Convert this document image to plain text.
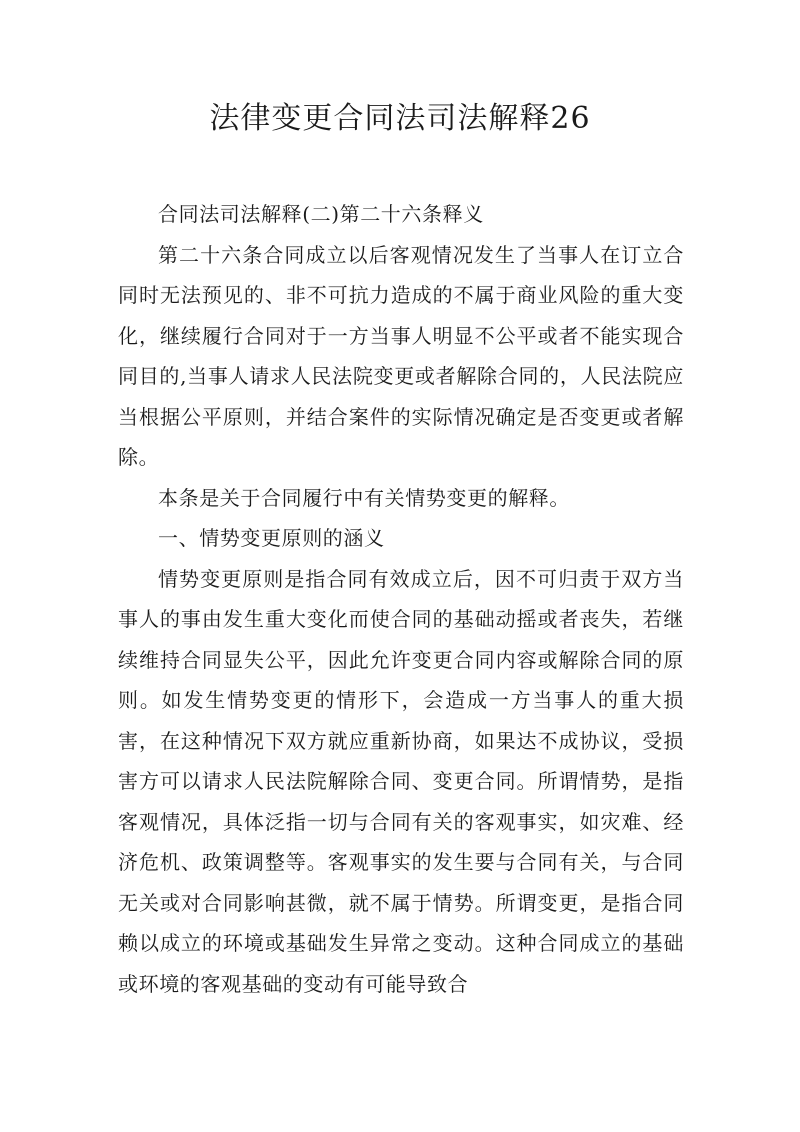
法律变更合同法司法解释26

合同法司法解释(二)第二十六条释义

第二十六条合同成立以后客观情况发生了当事人在订立合同时无法预见的、非不可抗力造成的不属于商业风险的重大变化，继续履行合同对于一方当事人明显不公平或者不能实现合同目的,当事人请求人民法院变更或者解除合同的，人民法院应当根据公平原则，并结合案件的实际情况确定是否变更或者解除。

本条是关于合同履行中有关情势变更的解释。

一、情势变更原则的涵义

情势变更原则是指合同有效成立后，因不可归责于双方当事人的事由发生重大变化而使合同的基础动摇或者丧失，若继续维持合同显失公平，因此允许变更合同内容或解除合同的原则。如发生情势变更的情形下，会造成一方当事人的重大损害，在这种情况下双方就应重新协商，如果达不成协议，受损害方可以请求人民法院解除合同、变更合同。所谓情势，是指客观情况，具体泛指一切与合同有关的客观事实，如灾难、经济危机、政策调整等。客观事实的发生要与合同有关，与合同无关或对合同影响甚微，就不属于情势。所谓变更，是指合同赖以成立的环境或基础发生异常之变动。这种合同成立的基础或环境的客观基础的变动有可能导致合
